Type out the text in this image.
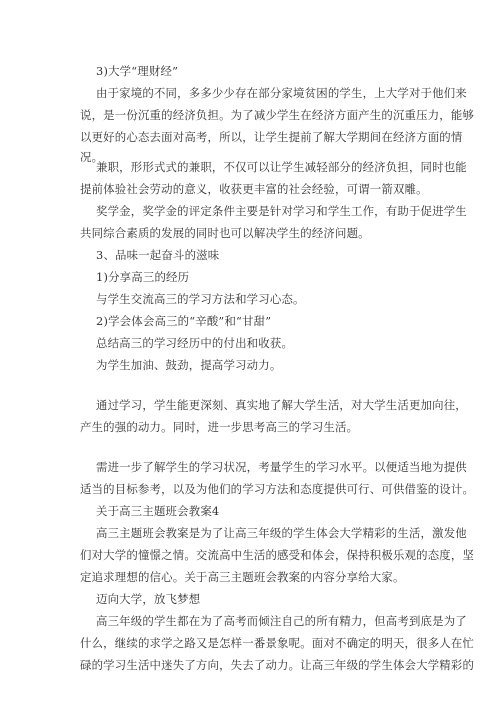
3)大学“理财经”
由于家境的不同，多多少少存在部分家境贫困的学生，上大学对于他们来
说，是一份沉重的经济负担。为了减少学生在经济方面产生的沉重压力，能够
以更好的心态去面对高考，所以，让学生提前了解大学期间在经济方面的情
况。
兼职，形形式式的兼职，不仅可以让学生减轻部分的经济负担，同时也能
提前体验社会劳动的意义，收获更丰富的社会经验，可谓一箭双雕。
奖学金，奖学金的评定条件主要是针对学习和学生工作，有助于促进学生
共同综合素质的发展的同时也可以解决学生的经济问题。
3、品味一起奋斗的滋味
1)分享高三的经历
与学生交流高三的学习方法和学习心态。
2)学会体会高三的“辛酸”和“甘甜”
总结高三的学习经历中的付出和收获。
为学生加油、鼓劲，提高学习动力。
通过学习，学生能更深刻、真实地了解大学生活，对大学生活更加向往，
产生的强的动力。同时，进一步思考高三的学习生活。
需进一步了解学生的学习状况，考量学生的学习水平。以便适当地为提供
适当的目标参考，以及为他们的学习方法和态度提供可行、可供借鉴的设计。
关于高三主题班会教案4
高三主题班会教案是为了让高三年级的学生体会大学精彩的生活，激发他
们对大学的憧憬之情。交流高中生活的感受和体会，保持积极乐观的态度，坚
定追求理想的信心。关于高三主题班会教案的内容分享给大家。
迈向大学，放飞梦想
高三年级的学生都在为了高考而倾注自己的所有精力，但高考到底是为了
什么，继续的求学之路又是怎样一番景象呢。面对不确定的明天，很多人在忙
碌的学习生活中迷失了方向，失去了动力。让高三年级的学生体会大学精彩的
